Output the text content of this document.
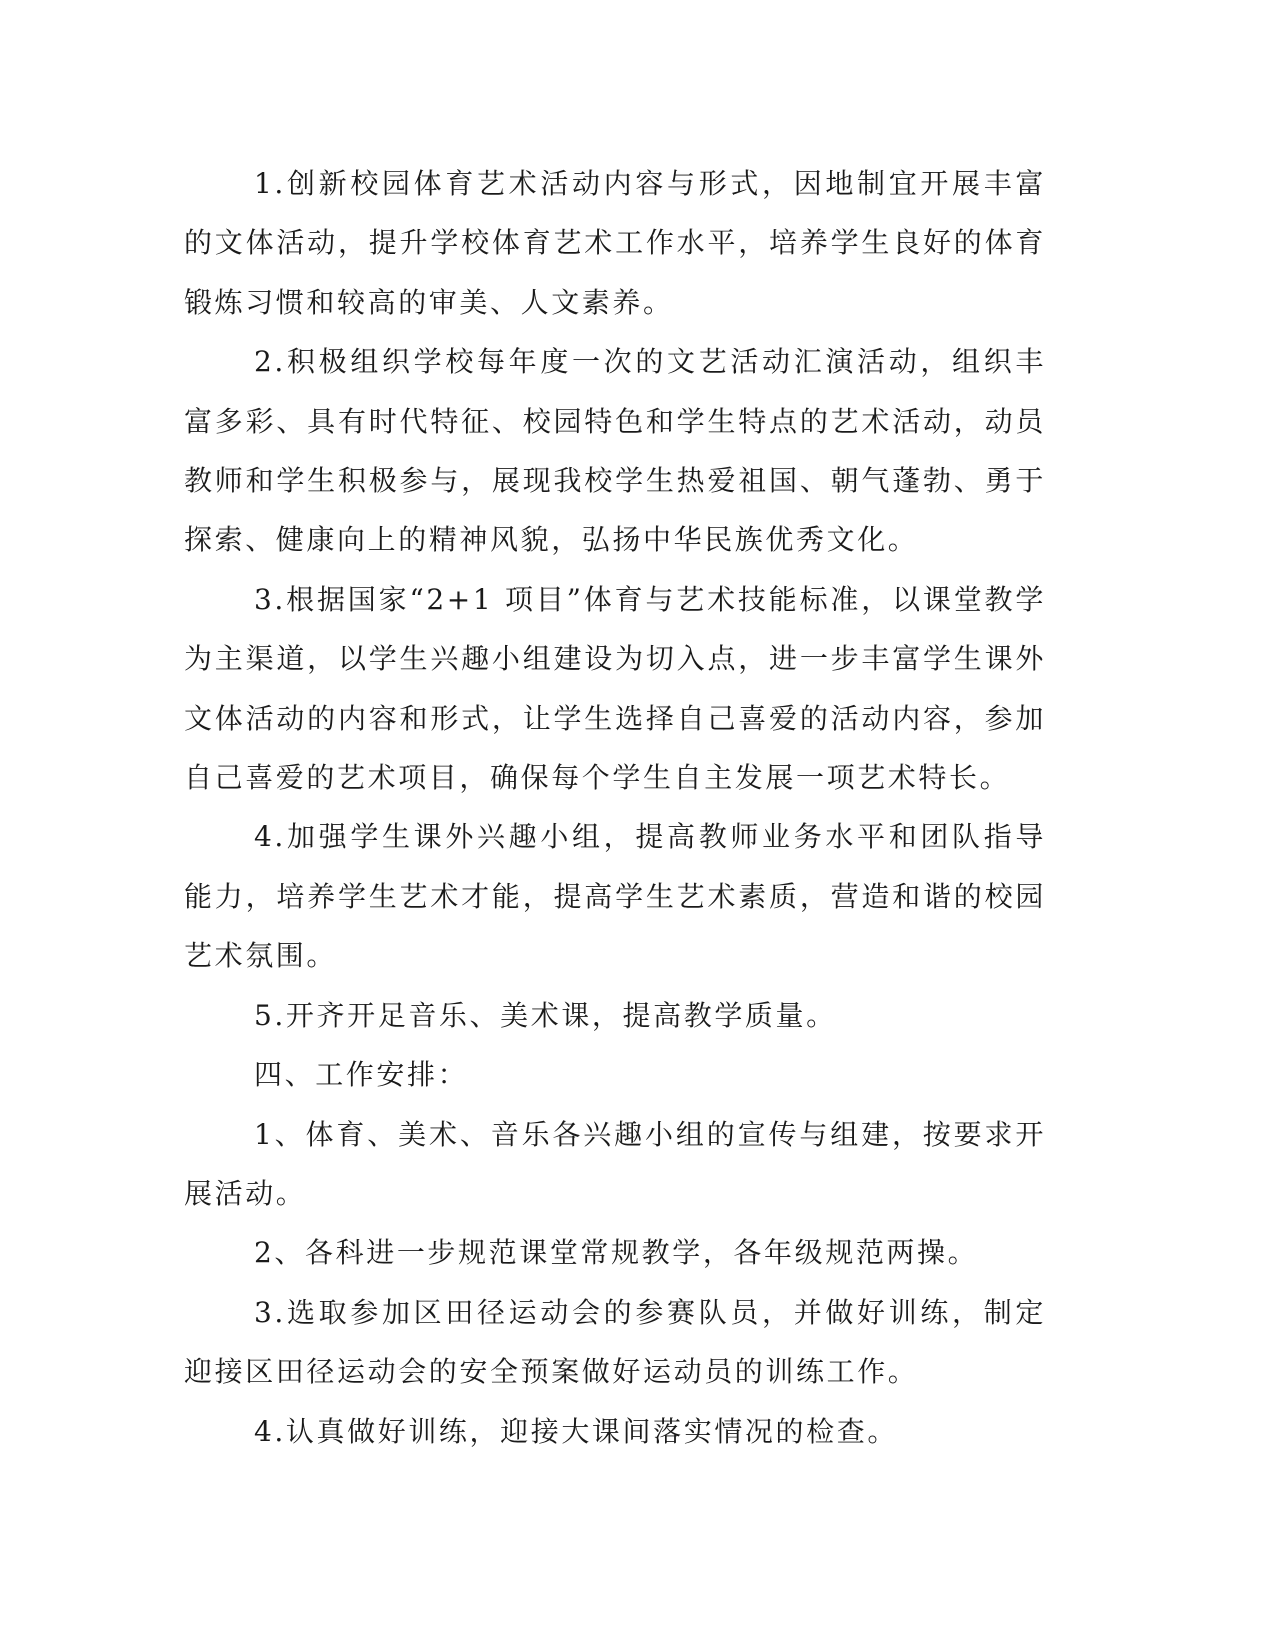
1.创新校园体育艺术活动内容与形式，因地制宜开展丰富的文体活动，提升学校体育艺术工作水平，培养学生良好的体育锻炼习惯和较高的审美、人文素养。

2.积极组织学校每年度一次的文艺活动汇演活动，组织丰富多彩、具有时代特征、校园特色和学生特点的艺术活动，动员教师和学生积极参与，展现我校学生热爱祖国、朝气蓬勃、勇于探索、健康向上的精神风貌，弘扬中华民族优秀文化。

3.根据国家“2+1 项目”体育与艺术技能标准，以课堂教学为主渠道，以学生兴趣小组建设为切入点，进一步丰富学生课外文体活动的内容和形式，让学生选择自己喜爱的活动内容，参加自己喜爱的艺术项目，确保每个学生自主发展一项艺术特长。

4.加强学生课外兴趣小组，提高教师业务水平和团队指导能力，培养学生艺术才能，提高学生艺术素质，营造和谐的校园艺术氛围。

5.开齐开足音乐、美术课，提高教学质量。

四、工作安排：

1、体育、美术、音乐各兴趣小组的宣传与组建，按要求开展活动。

2、各科进一步规范课堂常规教学，各年级规范两操。

3.选取参加区田径运动会的参赛队员，并做好训练，制定迎接区田径运动会的安全预案做好运动员的训练工作。

4.认真做好训练，迎接大课间落实情况的检查。
